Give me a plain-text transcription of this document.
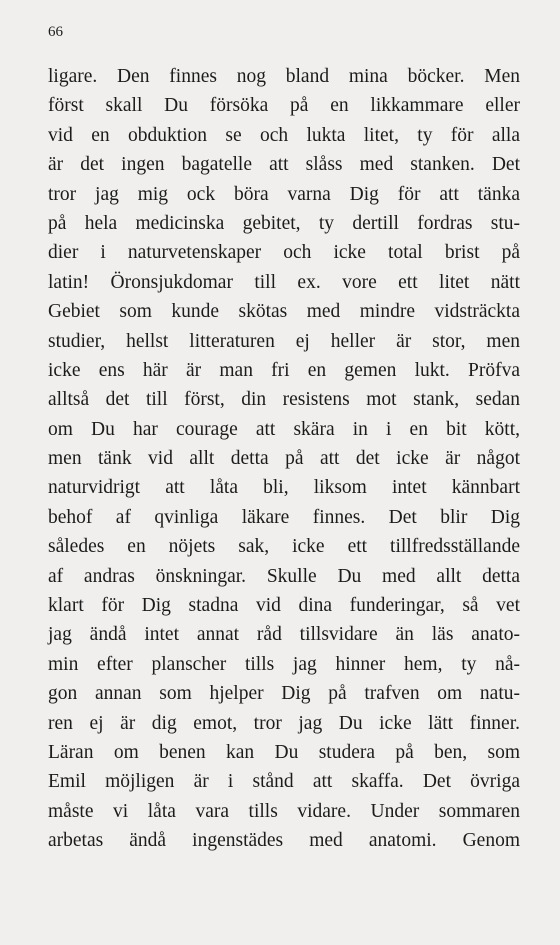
66
ligare. Den finnes nog bland mina böcker. Men
först skall Du försöka på en likkammare eller
vid en obduktion se och lukta litet, ty för alla
är det ingen bagatelle att slåss med stanken. Det
tror jag mig ock böra varna Dig för att tänka
på hela medicinska gebitet, ty dertill fordras stu-
dier i naturvetenskaper och icke total brist på
latin! Öronsjukdomar till ex. vore ett litet nätt
Gebiet som kunde skötas med mindre vidsträckta
studier, hellst litteraturen ej heller är stor, men
icke ens här är man fri en gemen lukt. Pröfva
alltså det till först, din resistens mot stank, sedan
om Du har courage att skära in i en bit kött,
men tänk vid allt detta på att det icke är något
naturvidrigt att låta bli, liksom intet kännbart
behof af qvinliga läkare finnes. Det blir Dig
således en nöjets sak, icke ett tillfredsställande
af andras önskningar. Skulle Du med allt detta
klart för Dig stadna vid dina funderingar, så vet
jag ändå intet annat råd tillsvidare än läs anato-
min efter planscher tills jag hinner hem, ty nå-
gon annan som hjelper Dig på trafven om natu-
ren ej är dig emot, tror jag Du icke lätt finner.
Läran om benen kan Du studera på ben, som
Emil möjligen är i stånd att skaffa. Det övriga
måste vi låta vara tills vidare. Under sommaren
arbetas ändå ingenstädes med anatomi. Genom
